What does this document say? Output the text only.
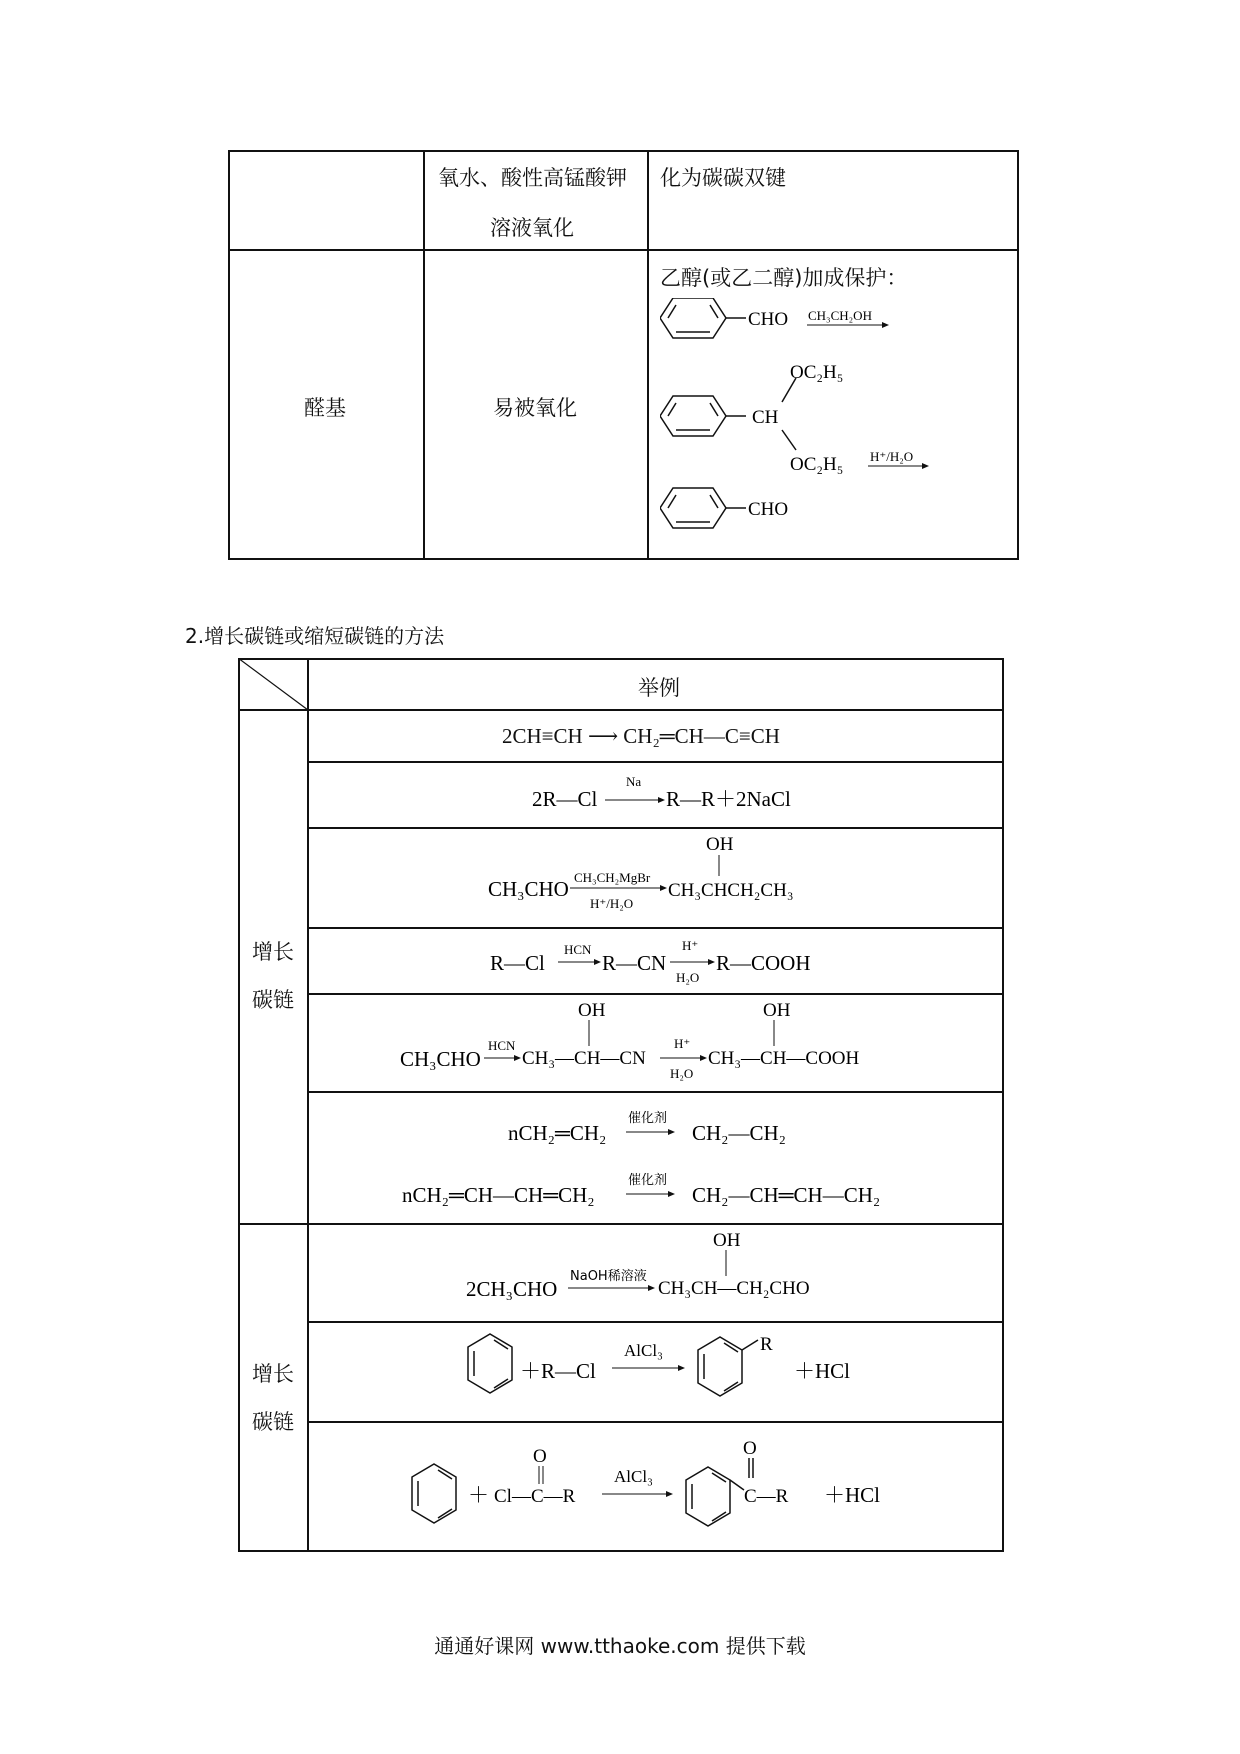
氧水、酸性高锰酸钾
溶液氧化
化为碳碳双键
醛基	易被氧化
乙醇(或乙二醇)加成保护：
CHO CH₃CH₂OH
CH
OC₂H₅
OC₂H₅ H⁺/H₂O
CHO
2.增长碳链或缩短碳链的方法
举例
增长
碳链
增长
碳链
2CH≡CH ⟶ CH₂═CH—C≡CH
2R—Cl
Na
R—R＋2NaCl
CH₃CHO CH₃CH₂MgBr
H⁺/H₂O
CH₃CHCH₂CH₃
OH
R—Cl
HCN
R—CN
H⁺
H₂O
R—COOH
CH₃CHO
HCN
CH₃—CH—CN
OH
H⁺
H₂O
CH₃—CH—COOH
OH
nCH₂═CH₂
催化剂
CH₂—CH₂
nCH₂═CH—CH═CH₂
催化剂
CH₂—CH═CH—CH₂
2CH₃CHO
NaOH稀溶液
CH₃CH—CH₂CHO
OH
＋R—Cl
AlCl₃	R
＋HCl
＋ Cl—C—R
O
AlCl₃
C—R
O
＋HCl
通通好课网 www.tthaoke.com 提供下载
